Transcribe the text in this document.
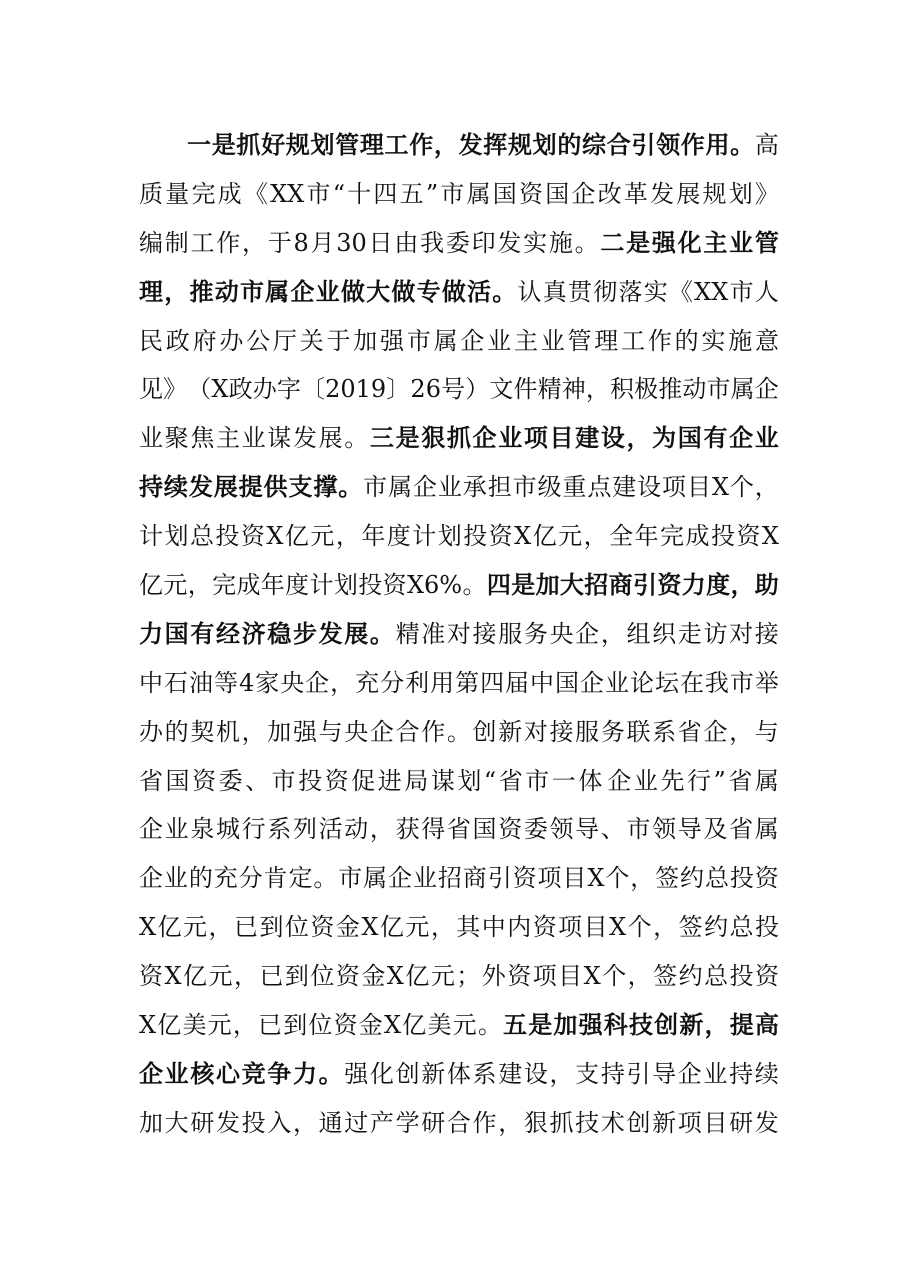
一 是 抓 好 规 划 管 理 工 作 ， 发 挥 规 划 的 综 合 引 领 作 用 。 高
质 量 完 成 《 XX 市 “ 十 四 五 ” 市 属 国 资 国 企 改 革 发 展 规 划 》
编 制 工 作 ， 于 8 月 30 日 由 我 委 印 发 实 施 。 二 是 强 化 主 业 管
理 ， 推 动 市 属 企 业 做 大 做 专 做 活 。 认 真 贯 彻 落 实 《 XX 市 人
民 政 府 办 公 厅 关 于 加 强 市 属 企 业 主 业 管 理 工 作 的 实 施 意
见 》 （ X 政 办 字 〔 2019 〕 26 号 ） 文 件 精 神 ， 积 极 推 动 市 属 企
业 聚 焦 主 业 谋 发 展 。 三 是 狠 抓 企 业 项 目 建 设 ， 为 国 有 企 业
持 续 发 展 提 供 支 撑 。 市 属 企 业 承 担 市 级 重 点 建 设 项 目 X 个 ，
计 划 总 投 资 X 亿 元 ， 年 度 计 划 投 资 X 亿 元 ， 全 年 完 成 投 资 X
亿 元 ， 完 成 年 度 计 划 投 资 X6% 。 四 是 加 大 招 商 引 资 力 度 ， 助
力 国 有 经 济 稳 步 发 展 。 精 准 对 接 服 务 央 企 ， 组 织 走 访 对 接
中 石 油 等 4 家 央 企 ， 充 分 利 用 第 四 届 中 国 企 业 论 坛 在 我 市 举
办 的 契 机 ， 加 强 与 央 企 合 作 。 创 新 对 接 服 务 联 系 省 企 ， 与
省 国 资 委 、 市 投 资 促 进 局 谋 划 “ 省 市 一 体 企 业 先 行 ” 省 属
企 业 泉 城 行 系 列 活 动 ， 获 得 省 国 资 委 领 导 、 市 领 导 及 省 属
企 业 的 充 分 肯 定 。 市 属 企 业 招 商 引 资 项 目 X 个 ， 签 约 总 投 资
X 亿 元 ， 已 到 位 资 金 X 亿 元 ， 其 中 内 资 项 目 X 个 ， 签 约 总 投
资 X 亿 元 ， 已 到 位 资 金 X 亿 元 ； 外 资 项 目 X 个 ， 签 约 总 投 资
X 亿 美 元 ， 已 到 位 资 金 X 亿 美 元 。 五 是 加 强 科 技 创 新 ， 提 高
企 业 核 心 竞 争 力 。 强 化 创 新 体 系 建 设 ， 支 持 引 导 企 业 持 续
加 大 研 发 投 入 ， 通 过 产 学 研 合 作 ， 狠 抓 技 术 创 新 项 目 研 发
